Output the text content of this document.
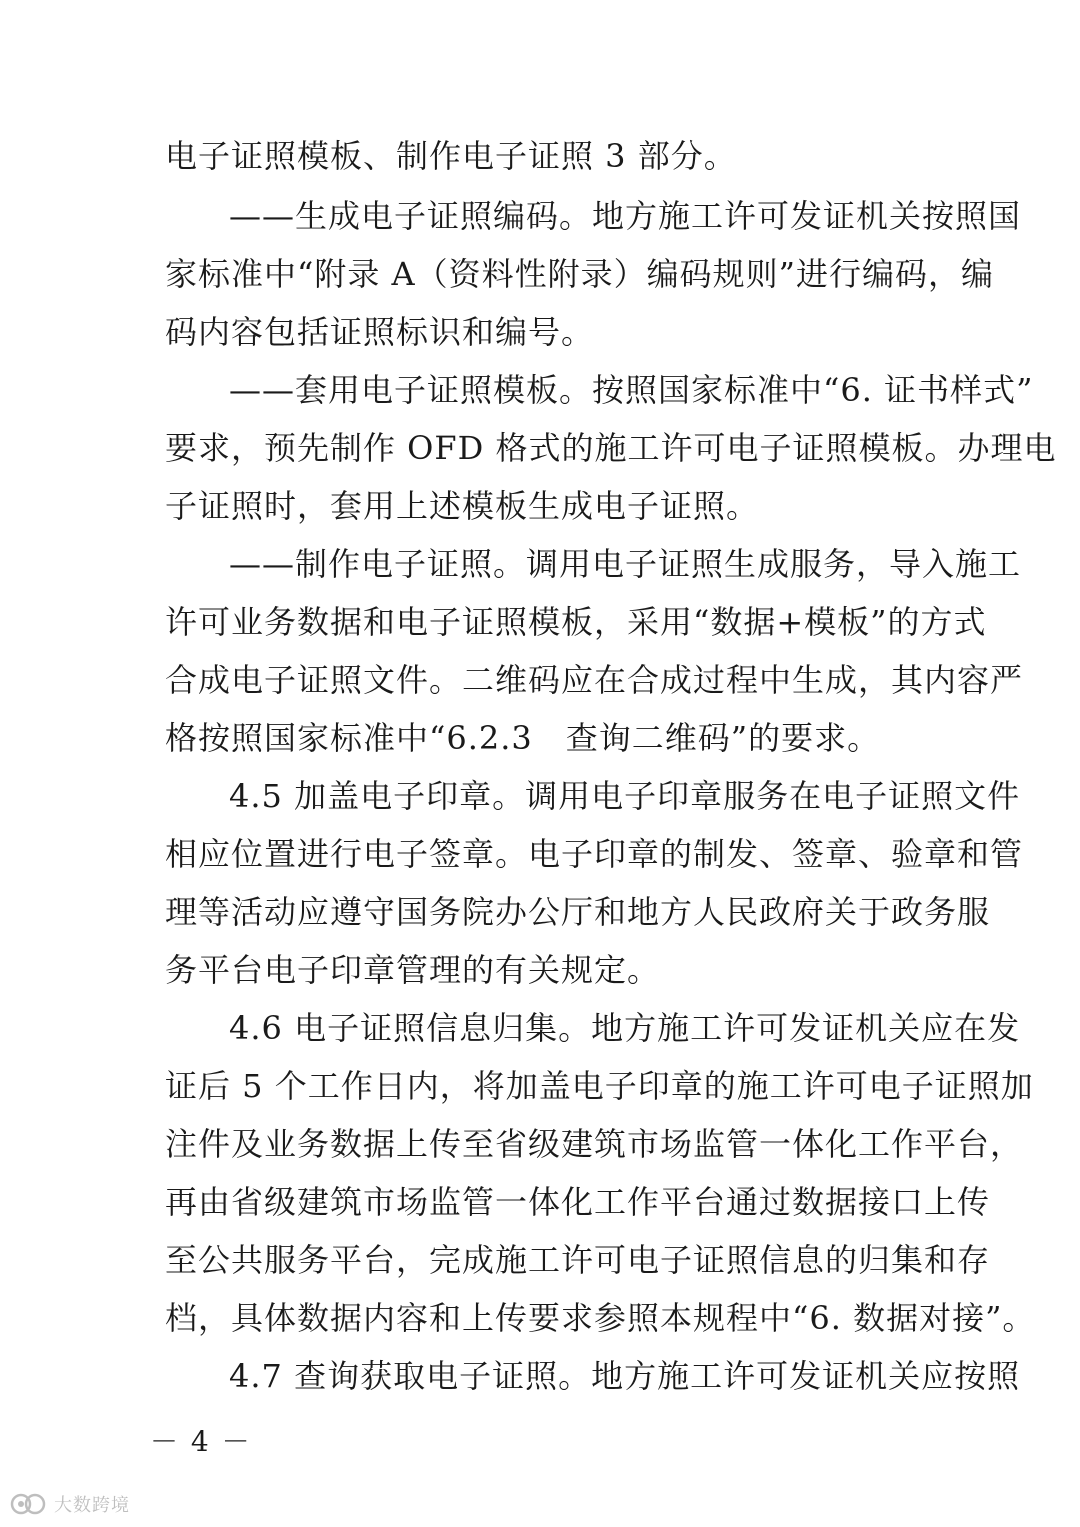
电子证照模板、制作电子证照 3 部分。
——生成电子证照编码。地方施工许可发证机关按照国
家标准中“附录 A（资料性附录）编码规则”进行编码，编
码内容包括证照标识和编号。
——套用电子证照模板。按照国家标准中“6. 证书样式”
要求，预先制作 OFD 格式的施工许可电子证照模板。办理电
子证照时，套用上述模板生成电子证照。
——制作电子证照。调用电子证照生成服务，导入施工
许可业务数据和电子证照模板，采用“数据+模板”的方式
合成电子证照文件。二维码应在合成过程中生成，其内容严
格按照国家标准中“6.2.3　查询二维码”的要求。
4.5 加盖电子印章。调用电子印章服务在电子证照文件
相应位置进行电子签章。电子印章的制发、签章、验章和管
理等活动应遵守国务院办公厅和地方人民政府关于政务服
务平台电子印章管理的有关规定。
4.6 电子证照信息归集。地方施工许可发证机关应在发
证后 5 个工作日内，将加盖电子印章的施工许可电子证照加
注件及业务数据上传至省级建筑市场监管一体化工作平台，
再由省级建筑市场监管一体化工作平台通过数据接口上传
至公共服务平台，完成施工许可电子证照信息的归集和存
档，具体数据内容和上传要求参照本规程中“6. 数据对接”。
4.7 查询获取电子证照。地方施工许可发证机关应按照
－ 4 －
大数跨境
